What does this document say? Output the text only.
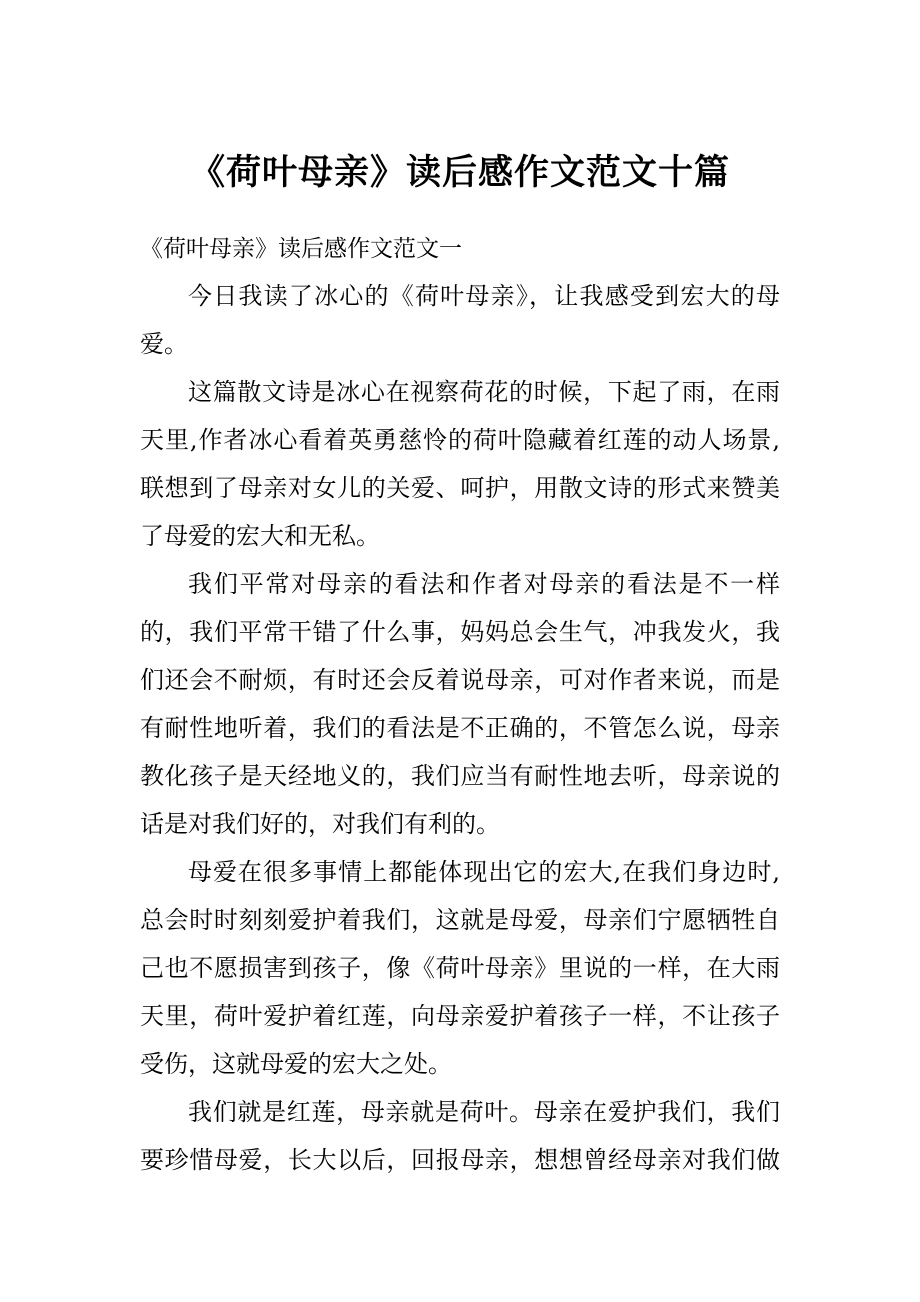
《荷叶母亲》读后感作文范文十篇
《荷叶母亲》读后感作文范文一
今日我读了冰心的《荷叶母亲》，让我感受到宏大的母
爱。
这篇散文诗是冰心在视察荷花的时候，下起了雨，在雨
天里,作者冰心看着英勇慈怜的荷叶隐藏着红莲的动人场景,
联想到了母亲对女儿的关爱、呵护，用散文诗的形式来赞美
了母爱的宏大和无私。
我们平常对母亲的看法和作者对母亲的看法是不一样
的，我们平常干错了什么事，妈妈总会生气，冲我发火，我
们还会不耐烦，有时还会反着说母亲，可对作者来说，而是
有耐性地听着，我们的看法是不正确的，不管怎么说，母亲
教化孩子是天经地义的，我们应当有耐性地去听，母亲说的
话是对我们好的，对我们有利的。
母爱在很多事情上都能体现出它的宏大,在我们身边时,
总会时时刻刻爱护着我们，这就是母爱，母亲们宁愿牺牲自
己也不愿损害到孩子，像《荷叶母亲》里说的一样，在大雨
天里，荷叶爱护着红莲，向母亲爱护着孩子一样，不让孩子
受伤，这就母爱的宏大之处。
我们就是红莲，母亲就是荷叶。母亲在爱护我们，我们
要珍惜母爱，长大以后，回报母亲，想想曾经母亲对我们做
